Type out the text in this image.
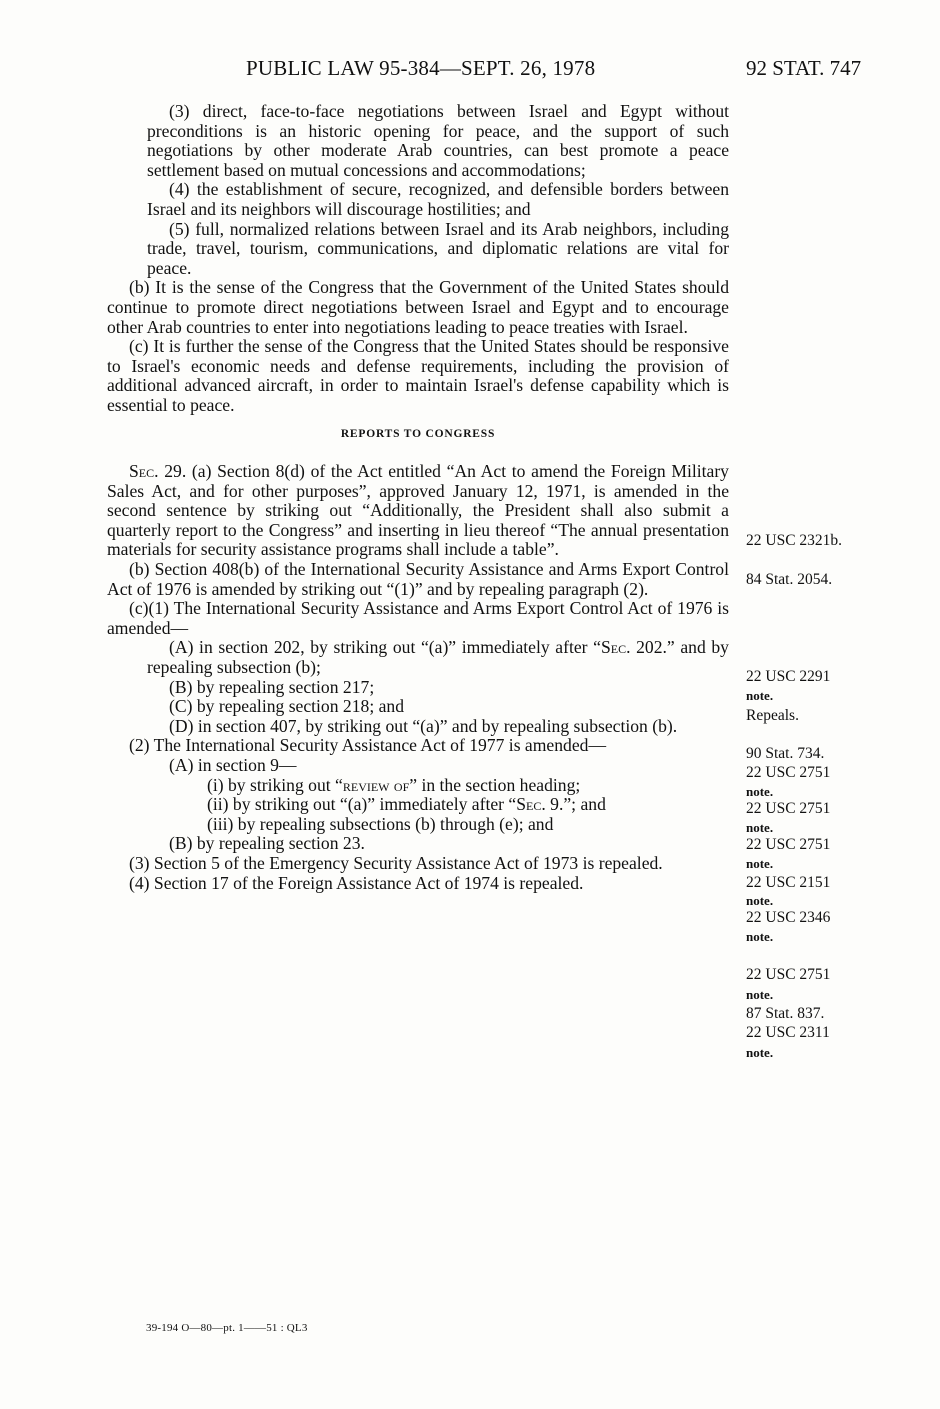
PUBLIC LAW 95-384—SEPT. 26, 1978	92 STAT. 747

(3) direct, face-to-face negotiations between Israel and Egypt without preconditions is an historic opening for peace, and the support of such negotiations by other moderate Arab countries, can best promote a peace settlement based on mutual concessions and accommodations;

(4) the establishment of secure, recognized, and defensible borders between Israel and its neighbors will discourage hostilities; and

(5) full, normalized relations between Israel and its Arab neighbors, including trade, travel, tourism, communications, and diplomatic relations are vital for peace.

(b) It is the sense of the Congress that the Government of the United States should continue to promote direct negotiations between Israel and Egypt and to encourage other Arab countries to enter into negotiations leading to peace treaties with Israel.

(c) It is further the sense of the Congress that the United States should be responsive to Israel's economic needs and defense requirements, including the provision of additional advanced aircraft, in order to maintain Israel's defense capability which is essential to peace.

REPORTS TO CONGRESS

Sec. 29. (a) Section 8(d) of the Act entitled “An Act to amend the Foreign Military Sales Act, and for other purposes”, approved January 12, 1971, is amended in the second sentence by striking out “Additionally, the President shall also submit a quarterly report to the Congress” and inserting in lieu thereof “The annual presentation materials for security assistance programs shall include a table”.

(b) Section 408(b) of the International Security Assistance and Arms Export Control Act of 1976 is amended by striking out “(1)” and by repealing paragraph (2).

(c)(1) The International Security Assistance and Arms Export Control Act of 1976 is amended—

(A) in section 202, by striking out “(a)” immediately after “Sec. 202.” and by repealing subsection (b);

(B) by repealing section 217;

(C) by repealing section 218; and

(D) in section 407, by striking out “(a)” and by repealing subsection (b).

(2) The International Security Assistance Act of 1977 is amended—

(A) in section 9—

(i) by striking out “review of” in the section heading;

(ii) by striking out “(a)” immediately after “Sec. 9.”; and

(iii) by repealing subsections (b) through (e); and

(B) by repealing section 23.

(3) Section 5 of the Emergency Security Assistance Act of 1973 is repealed.

(4) Section 17 of the Foreign Assistance Act of 1974 is repealed.

22 USC 2321b.
84 Stat. 2054.
22 USC 2291
note.
Repeals.
90 Stat. 734.
22 USC 2751
note.
22 USC 2751
note.
22 USC 2751
note.
22 USC 2151
note.
22 USC 2346
note.
22 USC 2751
note.
87 Stat. 837.
22 USC 2311
note.
39-194 O—80—pt. 1——51 : QL3
